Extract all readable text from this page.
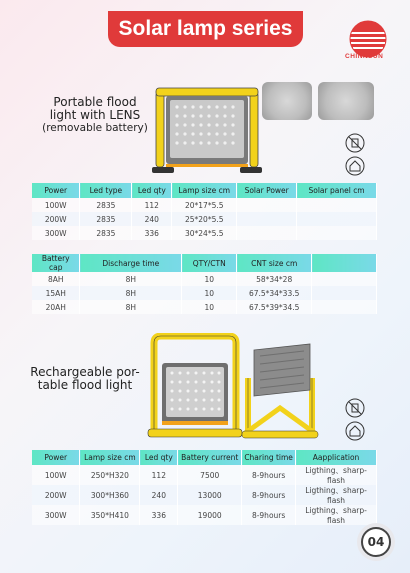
Solar lamp series
CHINNSUN
Portable flood
light with LENS
(removable battery)
Power	Led type	Led qty	Lamp size cm	Solar Power	Solar panel cm
100W	2835	112	20*17*5.5		
200W	2835	240	25*20*5.5		
300W	2835	336	30*24*5.5		
Battery cap	Discharge time	QTY/CTN	CNT size cm	
8AH	8H	10	58*34*28	
15AH	8H	10	67.5*34*33.5	
20AH	8H	10	67.5*39*34.5	
Rechargeable por-
table flood light
Power	Lamp size cm	Led qty	Battery current	Charing time	Aapplication
100W	250*H320	112	7500	8-9hours	Ligthing、sharp-flash
200W	300*H360	240	13000	8-9hours	Ligthing、sharp-flash
300W	350*H410	336	19000	8-9hours	Ligthing、sharp-flash
04
